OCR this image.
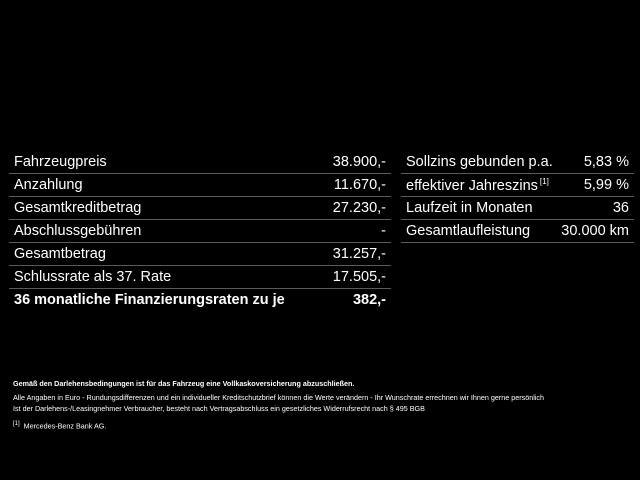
Fahrzeugpreis	38.900,-
Anzahlung	11.670,-
Gesamtkreditbetrag	27.230,-
Abschlussgebühren	-
Gesamtbetrag	31.257,-
Schlussrate als 37. Rate	17.505,-
36 monatliche Finanzierungsraten zu je	382,-
Sollzins gebunden p.a. 5,83 %
effektiver Jahreszins [1] 5,99 %
Laufzeit in Monaten	36
Gesamtlaufleistung 30.000 km
Gemäß den Darlehensbedingungen ist für das Fahrzeug eine Vollkaskoversicherung abzuschließen.
Alle Angaben in Euro - Rundungsdifferenzen und ein individueller Kreditschutzbrief können die Werte verändern - Ihr Wunschrate errechnen wir Ihnen gerne persönlich
Ist der Darlehens-/Leasingnehmer Verbraucher, besteht nach Vertragsabschluss ein gesetzliches Widerrufsrecht nach § 495 BGB
[1] Mercedes-Benz Bank AG.
